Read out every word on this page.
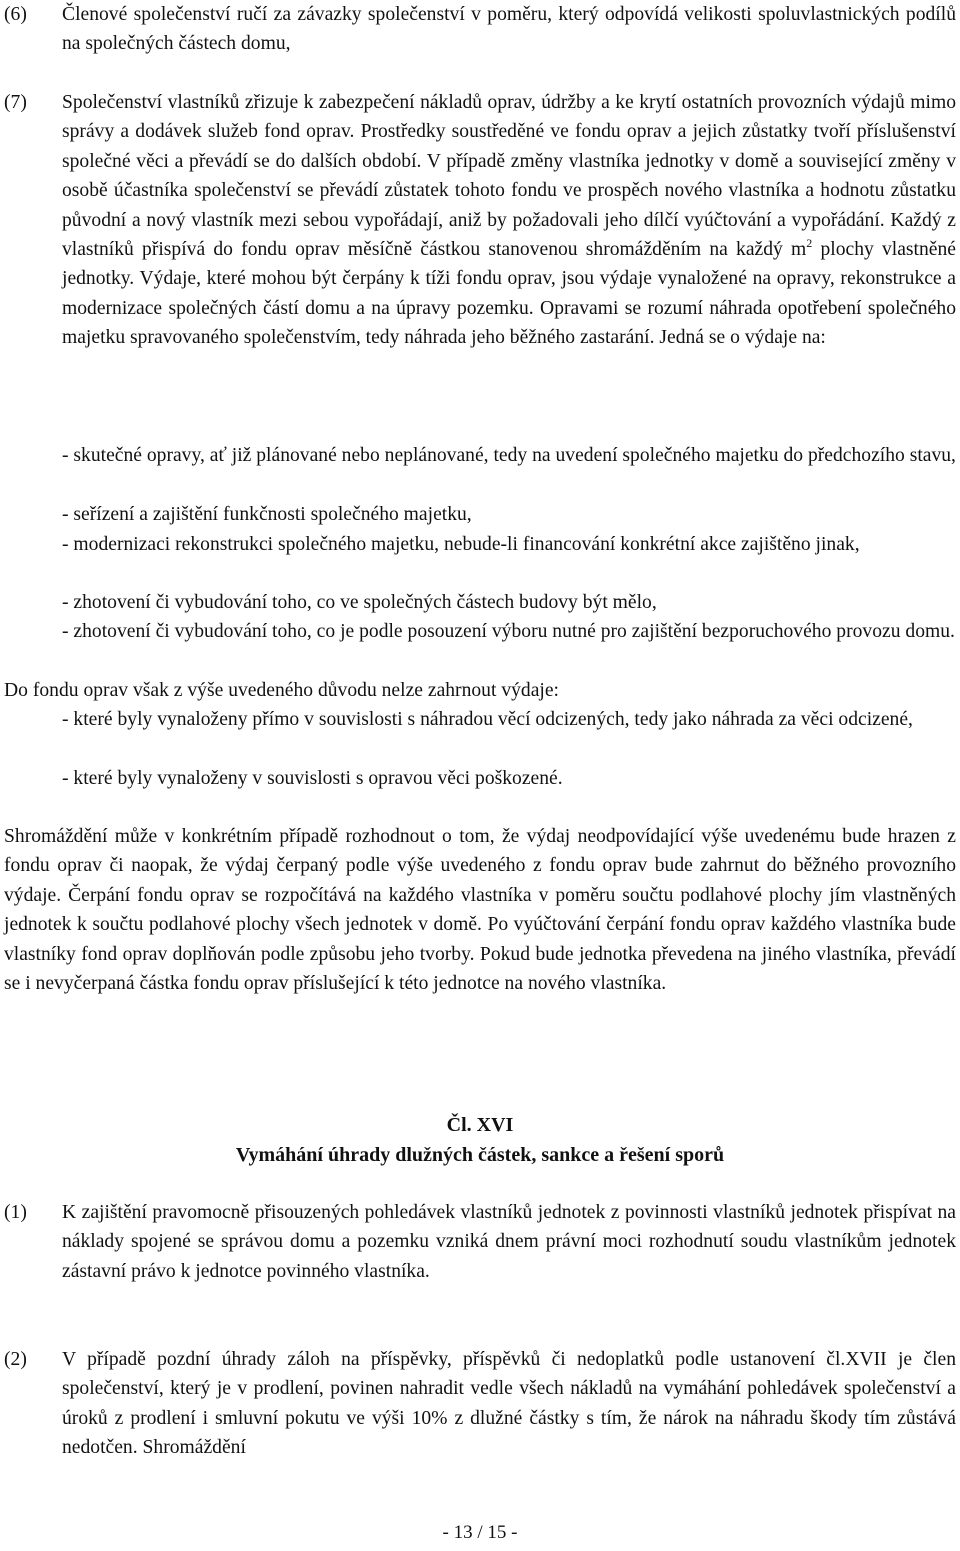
(6) Členové společenství ručí za závazky společenství v poměru, který odpovídá velikosti spoluvlastnických podílů na společných částech domu,
(7) Společenství vlastníků zřizuje k zabezpečení nákladů oprav, údržby a ke krytí ostatních provozních výdajů mimo správy a dodávek služeb fond oprav. Prostředky soustředěné ve fondu oprav a jejich zůstatky tvoří příslušenství společné věci a převádí se do dalších období. V případě změny vlastníka jednotky v domě a související změny v osobě účastníka společenství se převádí zůstatek tohoto fondu ve prospěch nového vlastníka a hodnotu zůstatku původní a nový vlastník mezi sebou vypořádají, aniž by požadovali jeho dílčí vyúčtování a vypořádání. Každý z vlastníků přispívá do fondu oprav měsíčně částkou stanovenou shromážděním na každý $m^2$ plochy vlastněné jednotky. Výdaje, které mohou být čerpány k tíži fondu oprav, jsou výdaje vynaložené na opravy, rekonstrukce a modernizace společných částí domu a na úpravy pozemku. Opravami se rozumí náhrada opotřebení společného majetku spravovaného společenstvím, tedy náhrada jeho běžného zastarání. Jedná se o výdaje na:
- skutečné opravy, ať již plánované nebo neplánované, tedy na uvedení společného majetku do předchozího stavu,
- seřízení a zajištění funkčnosti společného majetku,
- modernizaci rekonstrukci společného majetku, nebude-li financování konkrétní akce zajištěno jinak,
- zhotovení či vybudování toho, co ve společných částech budovy být mělo,
- zhotovení či vybudování toho, co je podle posouzení výboru nutné pro zajištění bezporuchového provozu domu.
Do fondu oprav však z výše uvedeného důvodu nelze zahrnout výdaje:
- které byly vynaloženy přímo v souvislosti s náhradou věcí odcizených, tedy jako náhrada za věci odcizené,
- které byly vynaloženy v souvislosti s opravou věci poškozené.
Shromáždění může v konkrétním případě rozhodnout o tom, že výdaj neodpovídající výše uvedenému bude hrazen z fondu oprav či naopak, že výdaj čerpaný podle výše uvedeného z fondu oprav bude zahrnut do běžného provozního výdaje. Čerpání fondu oprav se rozpočítává na každého vlastníka v poměru součtu podlahové plochy jím vlastněných jednotek k součtu podlahové plochy všech jednotek v domě. Po vyúčtování čerpání fondu oprav každého vlastníka bude vlastníky fond oprav doplňován podle způsobu jeho tvorby. Pokud bude jednotka převedena na jiného vlastníka, převádí se i nevyčerpaná částka fondu oprav příslušející k této jednotce na nového vlastníka.
Čl. XVI
Vymáhání úhrady dlužných částek, sankce a řešení sporů
(1) K zajištění pravomocně přisouzených pohledávek vlastníků jednotek z povinnosti vlastníků jednotek přispívat na náklady spojené se správou domu a pozemku vzniká dnem právní moci rozhodnutí soudu vlastníkům jednotek zástavní právo k jednotce povinného vlastníka.
(2) V případě pozdní úhrady záloh na příspěvky, příspěvků či nedoplatků podle ustanovení čl.XVII je člen společenství, který je v prodlení, povinen nahradit vedle všech nákladů na vymáhání pohledávek společenství a úroků z prodlení i smluvní pokutu ve výši 10% z dlužné částky s tím, že nárok na náhradu škody tím zůstává nedotčen. Shromáždění
- 13 / 15 -
